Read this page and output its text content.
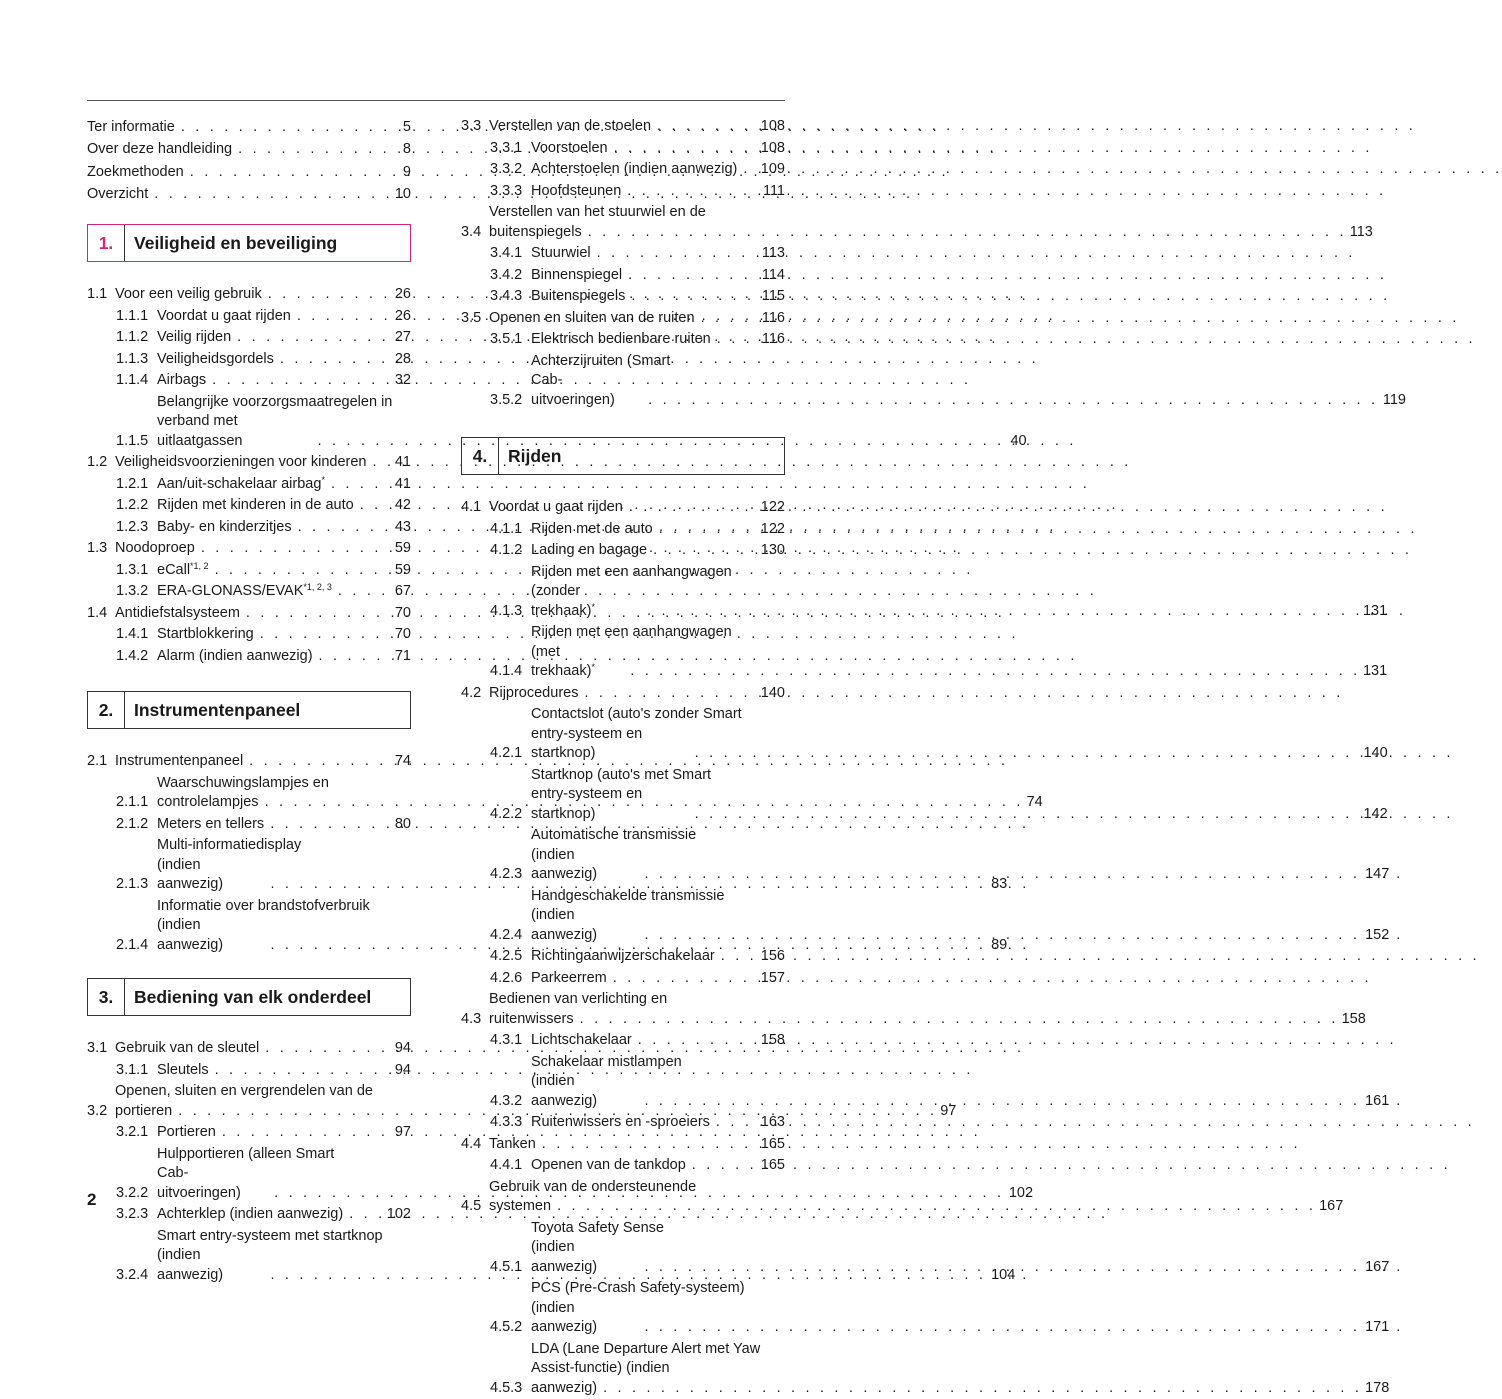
Ter informatie . . .	5
Over deze handleiding . . .	8
Zoekmethoden . . .	9
Overzicht . . .	10
1.	Veiligheid en beveiliging
1.1 Voor een veilig gebruik . . .	26
1.1.1 Voordat u gaat rijden . . .	26
1.1.2 Veilig rijden . . .	27
1.1.3 Veiligheidsgordels . . .	28
1.1.4 Airbags . . .	32
1.1.5
Belangrijke voorzorgsmaatregelen in
verband met uitlaatgassen . . .	40
1.2 Veiligheidsvoorzieningen voor kinderen . . . 41
1.2.1 Aan/uit-schakelaar airbag* . . .	41
1.2.2 Rijden met kinderen in de auto . . .	42
1.2.3 Baby- en kinderzitjes . . .	43
1.3 Noodoproep . . .	59
1.3.1 eCall$^{*1, 2}$ . . .	59
1.3.2 ERA-GLONASS/EVAK$^{*1, 2, 3}$ . . .	67
1.4 Antidiefstalsysteem . . .	70
1.4.1 Startblokkering . . .	70
1.4.2 Alarm (indien aanwezig) . . .	71
2.	Instrumentenpaneel
2.1 Instrumentenpaneel . . .	74
2.1.1
Waarschuwingslampjes en
controlelampjes . . .	74
2.1.2 Meters en tellers . . .	80
2.1.3
Multi-informatiedisplay
(indien aanwezig) . . .	83
2.1.4
Informatie over brandstofverbruik
(indien aanwezig) . . .	89
3.	Bediening van elk onderdeel
3.1 Gebruik van de sleutel . . .	94
3.1.1 Sleutels . . .	94
3.2
Openen, sluiten en vergrendelen van de
portieren . . .	97
3.2.1 Portieren . . .	97
3.2.2
Hulpportieren (alleen Smart
Cab-uitvoeringen) . . .	102
3.2.3 Achterklep (indien aanwezig) . . .	102
3.2.4
Smart entry-systeem met startknop
(indien aanwezig) . . .	104
3.3 Verstellen van de stoelen . . .	108
3.3.1 Voorstoelen . . .	108
3.3.2 Achterstoelen (indien aanwezig) . . . 109
3.3.3 Hoofdsteunen . . .	111
3.4
Verstellen van het stuurwiel en de
buitenspiegels . . .	113
3.4.1 Stuurwiel . . .	113
3.4.2 Binnenspiegel . . .	114
3.4.3 Buitenspiegels . . .	115
3.5 Openen en sluiten van de ruiten . . .	116
3.5.1 Elektrisch bedienbare ruiten . . .	116
3.5.2
Achterzijruiten (Smart
Cab-uitvoeringen) . . .	119
4.	Rijden
4.1 Voordat u gaat rijden . . .	122
4.1.1 Rijden met de auto . . .	122
4.1.2 Lading en bagage . . .	130
4.1.3
Rijden met een aanhangwagen
(zonder trekhaak)* . . .	131
4.1.4
Rijden met een aanhangwagen
(met trekhaak)* . . .	131
4.2 Rijprocedures . . .	140
4.2.1
Contactslot (auto's zonder Smart
entry-systeem en startknop) . . .	140
4.2.2
Startknop (auto's met Smart
entry-systeem en startknop) . . .	142
4.2.3
Automatische transmissie
(indien aanwezig) . . .	147
4.2.4
Handgeschakelde transmissie
(indien aanwezig) . . .	152
4.2.5 Richtingaanwijzerschakelaar . . .	156
4.2.6 Parkeerrem . . .	157
4.3
Bedienen van verlichting en
ruitenwissers . . .	158
4.3.1 Lichtschakelaar . . .	158
4.3.2
Schakelaar mistlampen
(indien aanwezig) . . .	161
4.3.3 Ruitenwissers en -sproeiers . . .	163
4.4 Tanken . . .	165
4.4.1 Openen van de tankdop . . .	165
4.5
Gebruik van de ondersteunende
systemen . . .	167
4.5.1
Toyota Safety Sense
(indien aanwezig) . . .	167
4.5.2
PCS (Pre-Crash Safety-systeem)
(indien aanwezig) . . .	171
4.5.3
LDA (Lane Departure Alert met Yaw
Assist-functie) (indien
aanwezig) . . .	178
2
